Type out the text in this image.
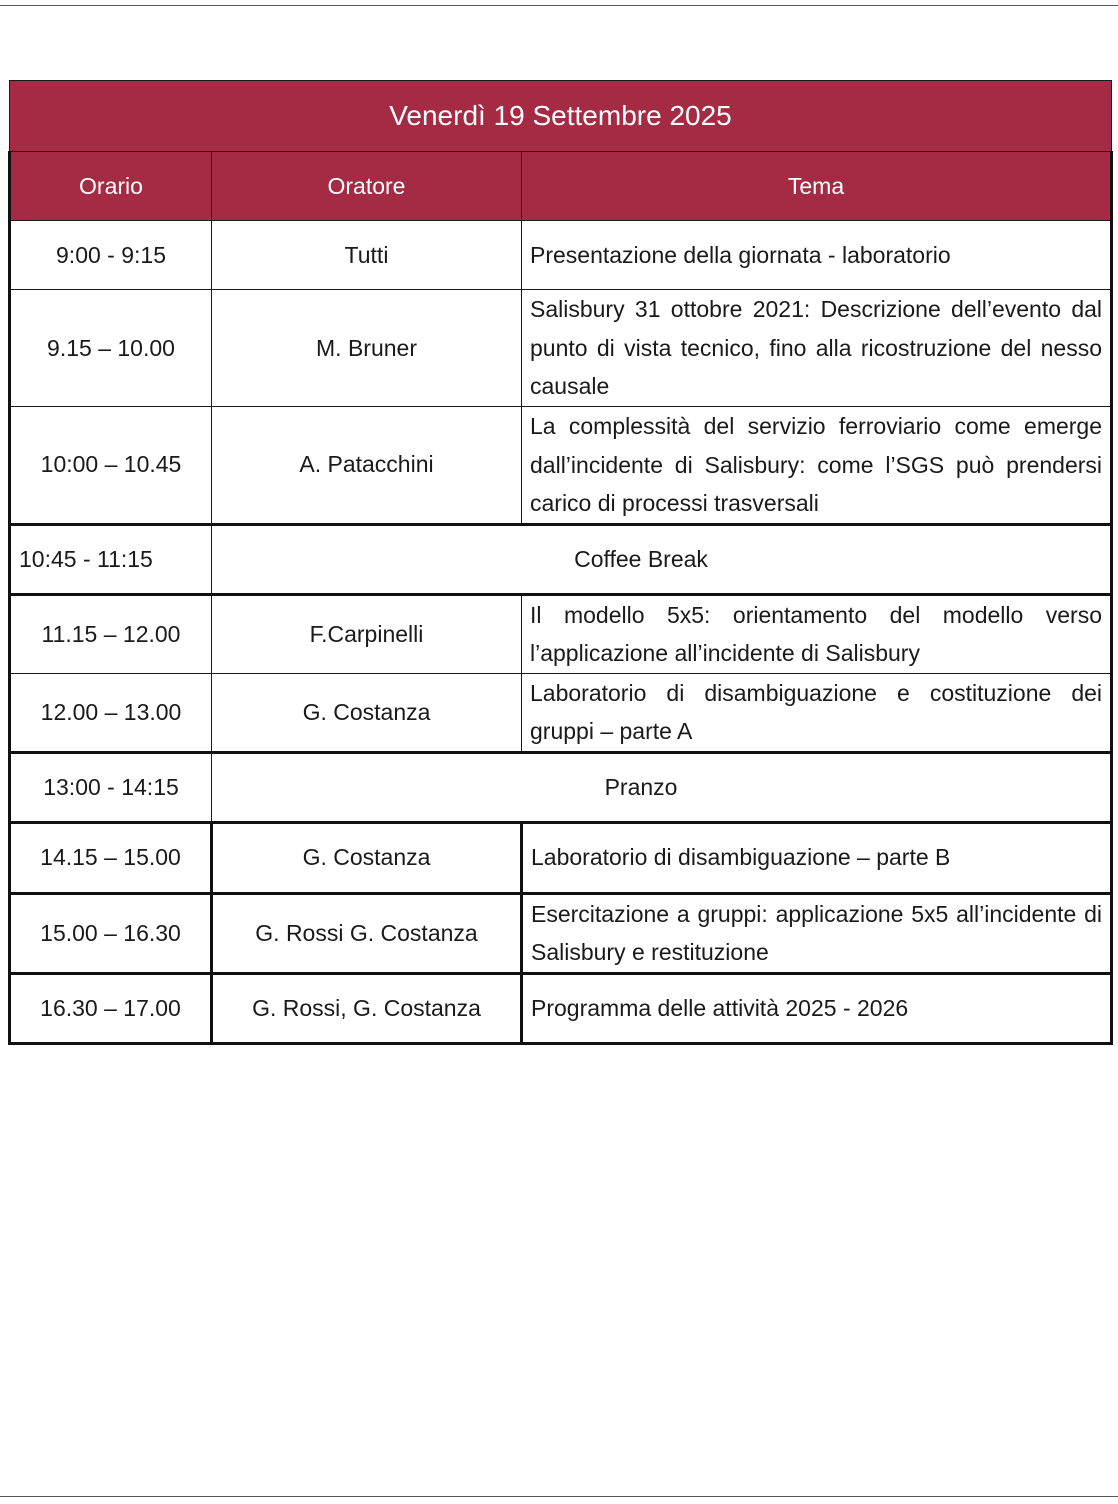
Venerdì 19 Settembre 2025		
Orario	Oratore	Tema
9:00 - 9:15	Tutti	Presentazione della giornata - laboratorio
9.15 – 10.00	M. Bruner	Salisbury 31 ottobre 2021: Descrizione dell’evento dal punto di vista tecnico, fino alla ricostruzione del nesso causale
10:00 – 10.45	A. Patacchini	La complessità del servizio ferroviario come emerge dall’incidente di Salisbury: come l’SGS può prendersi carico di processi trasversali
10:45 - 11:15	Coffee Break	
11.15 – 12.00	F.Carpinelli	Il modello 5x5: orientamento del modello verso l’applicazione all’incidente di Salisbury
12.00 – 13.00	G. Costanza	Laboratorio di disambiguazione e costituzione dei gruppi – parte A
13:00 - 14:15	Pranzo	
14.15 – 15.00	G. Costanza	Laboratorio di disambiguazione – parte B
15.00 – 16.30	G. Rossi G. Costanza	Esercitazione a gruppi: applicazione 5x5 all’incidente di Salisbury e restituzione
16.30 – 17.00	G. Rossi, G. Costanza	Programma delle attività 2025 - 2026
